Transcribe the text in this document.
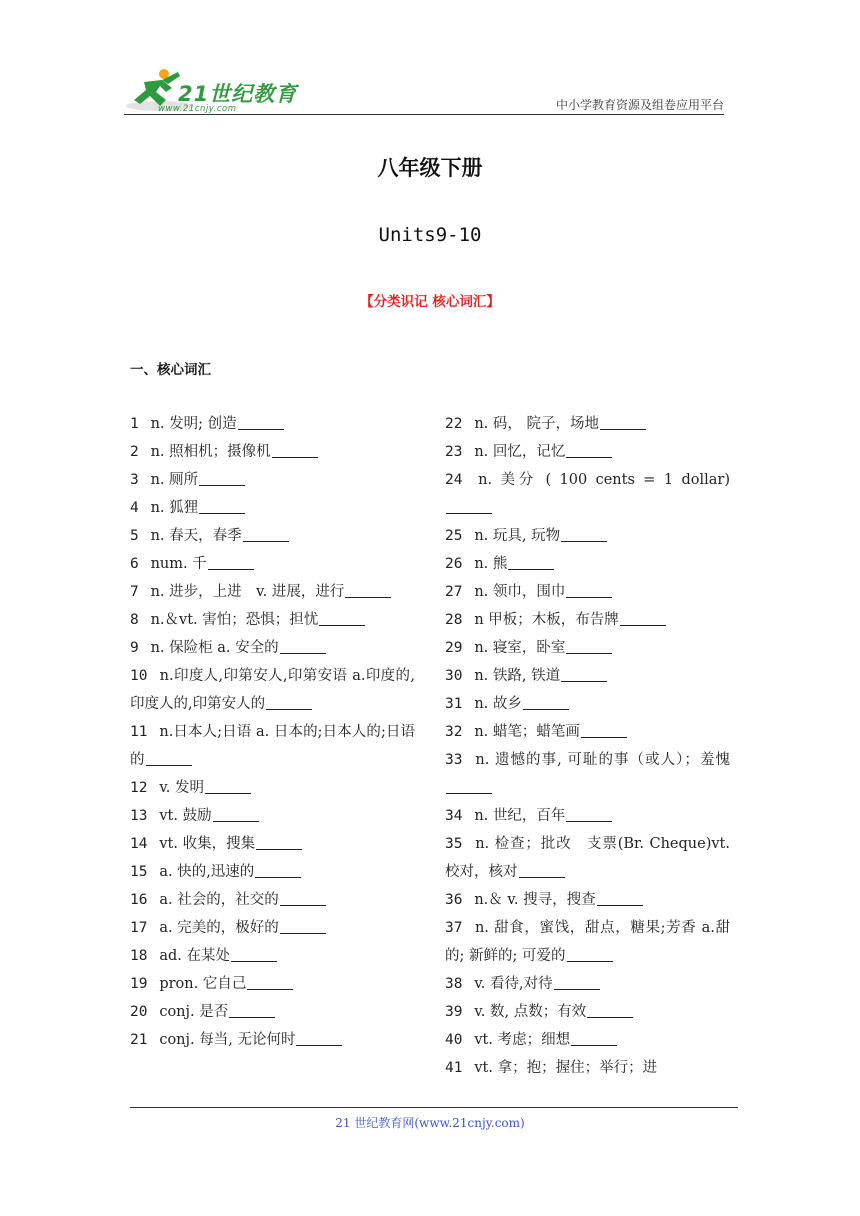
21世纪教育
www.21cnjy.com	中小学教育资源及组卷应用平台
八年级下册
Units9-10
【分类识记 核心词汇】
一、核心词汇
1  n. 发明; 创造
2  n. 照相机；摄像机
3  n. 厕所
4  n. 狐狸
5  n. 春天，春季
6  num. 千
7  n. 进步，上进　v. 进展，进行
8  n.＆vt. 害怕；恐惧；担忧
9  n. 保险柜 a. 安全的
10  n.印度人,印第安人,印第安语 a.印度的, 印度人的,印第安人的
11  n.日本人;日语 a. 日本的;日本人的;日语的
12  v. 发明
13  vt. 鼓励
14  vt. 收集，搜集
15  a. 快的,迅速的
16  a. 社会的，社交的
17  a. 完美的，极好的
18  ad. 在某处
19  pron. 它自己
20  conj. 是否
21  conj. 每当, 无论何时
22  n. 码， 院子，场地
23  n. 回忆，记忆
24  n. 美分 ( 100 cents = 1 dollar)
25  n. 玩具, 玩物
26  n. 熊
27  n. 领巾，围巾
28  n 甲板；木板，布告牌
29  n. 寝室，卧室
30  n. 铁路, 铁道
31  n. 故乡
32  n. 蜡笔；蜡笔画
33  n. 遗憾的事, 可耻的事（或人）；羞愧
34  n. 世纪，百年
35  n. 检查；批改　支票(Br. Cheque)vt. 校对，核对
36  n.＆ v. 搜寻，搜查
37  n. 甜食，蜜饯，甜点，糖果;芳香 a.甜的; 新鲜的; 可爱的
38  v. 看待,对待
39  v. 数, 点数；有效
40  vt. 考虑；细想
41  vt. 拿；抱；握住；举行；进
21 世纪教育网(www.21cnjy.com)
